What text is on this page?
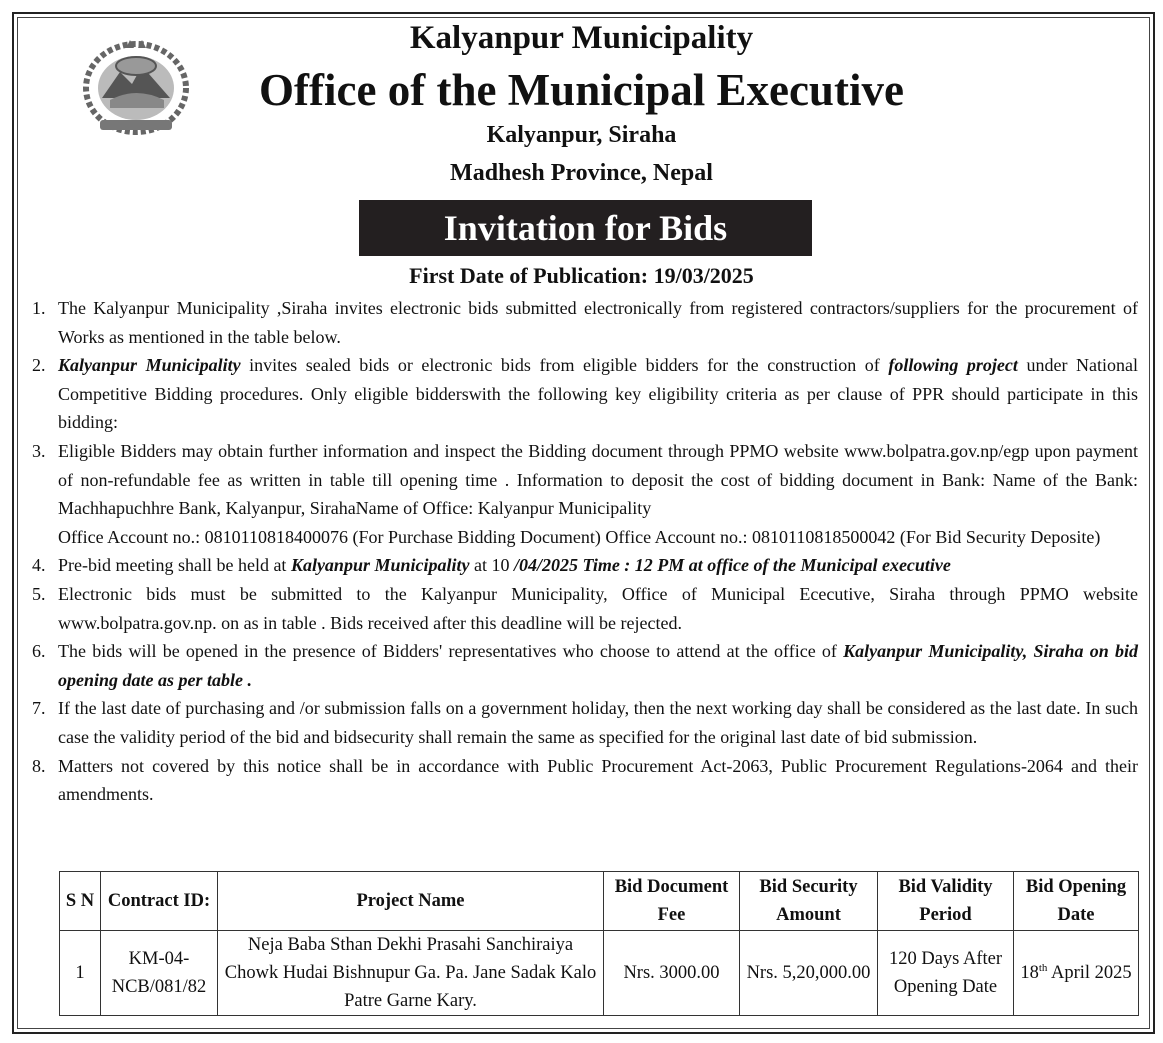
Kalyanpur Municipality
Office of the Municipal Executive
Kalyanpur, Siraha
Madhesh Province, Nepal
Invitation for Bids
First Date of Publication: 19/03/2025
1. The Kalyanpur Municipality ,Siraha invites electronic bids submitted electronically from registered contractors/suppliers for the procurement of Works as mentioned in the table below.
2. Kalyanpur Municipality invites sealed bids or electronic bids from eligible bidders for the construction of following project under National Competitive Bidding procedures. Only eligible bidderswith the following key eligibility criteria as per clause of PPR should participate in this bidding:
3. Eligible Bidders may obtain further information and inspect the Bidding document through PPMO website www.bolpatra.gov.np/egp upon payment of non-refundable fee as written in table till opening time . Information to deposit the cost of bidding document in Bank: Name of the Bank: Machhapuchhre Bank, Kalyanpur, SirahaName of Office: Kalyanpur Municipality
Office Account no.: 0810110818400076 (For Purchase Bidding Document) Office Account no.: 0810110818500042 (For Bid Security Deposite)
4. Pre-bid meeting shall be held at Kalyanpur Municipality at 10 /04/2025 Time : 12 PM at office of the Municipal executive
5. Electronic bids must be submitted to the Kalyanpur Municipality, Office of Municipal Ececutive, Siraha through PPMO website www.bolpatra.gov.np. on as in table . Bids received after this deadline will be rejected.
6. The bids will be opened in the presence of Bidders' representatives who choose to attend at the office of Kalyanpur Municipality, Siraha on bid opening date as per table .
7. If the last date of purchasing and /or submission falls on a government holiday, then the next working day shall be considered as the last date. In such case the validity period of the bid and bidsecurity shall remain the same as specified for the original last date of bid submission.
8. Matters not covered by this notice shall be in accordance with Public Procurement Act-2063, Public Procurement Regulations-2064 and their amendments.
S N	Contract ID:	Project Name	Bid Document Fee	Bid Security Amount	Bid Validity Period	Bid Opening Date
1	KM-04-NCB/081/82	Neja Baba Sthan Dekhi Prasahi Sanchiraiya Chowk Hudai Bishnupur Ga. Pa. Jane Sadak Kalo Patre Garne Kary.	Nrs. 3000.00	Nrs. 5,20,000.00	120 Days After Opening Date	18th April 2025
